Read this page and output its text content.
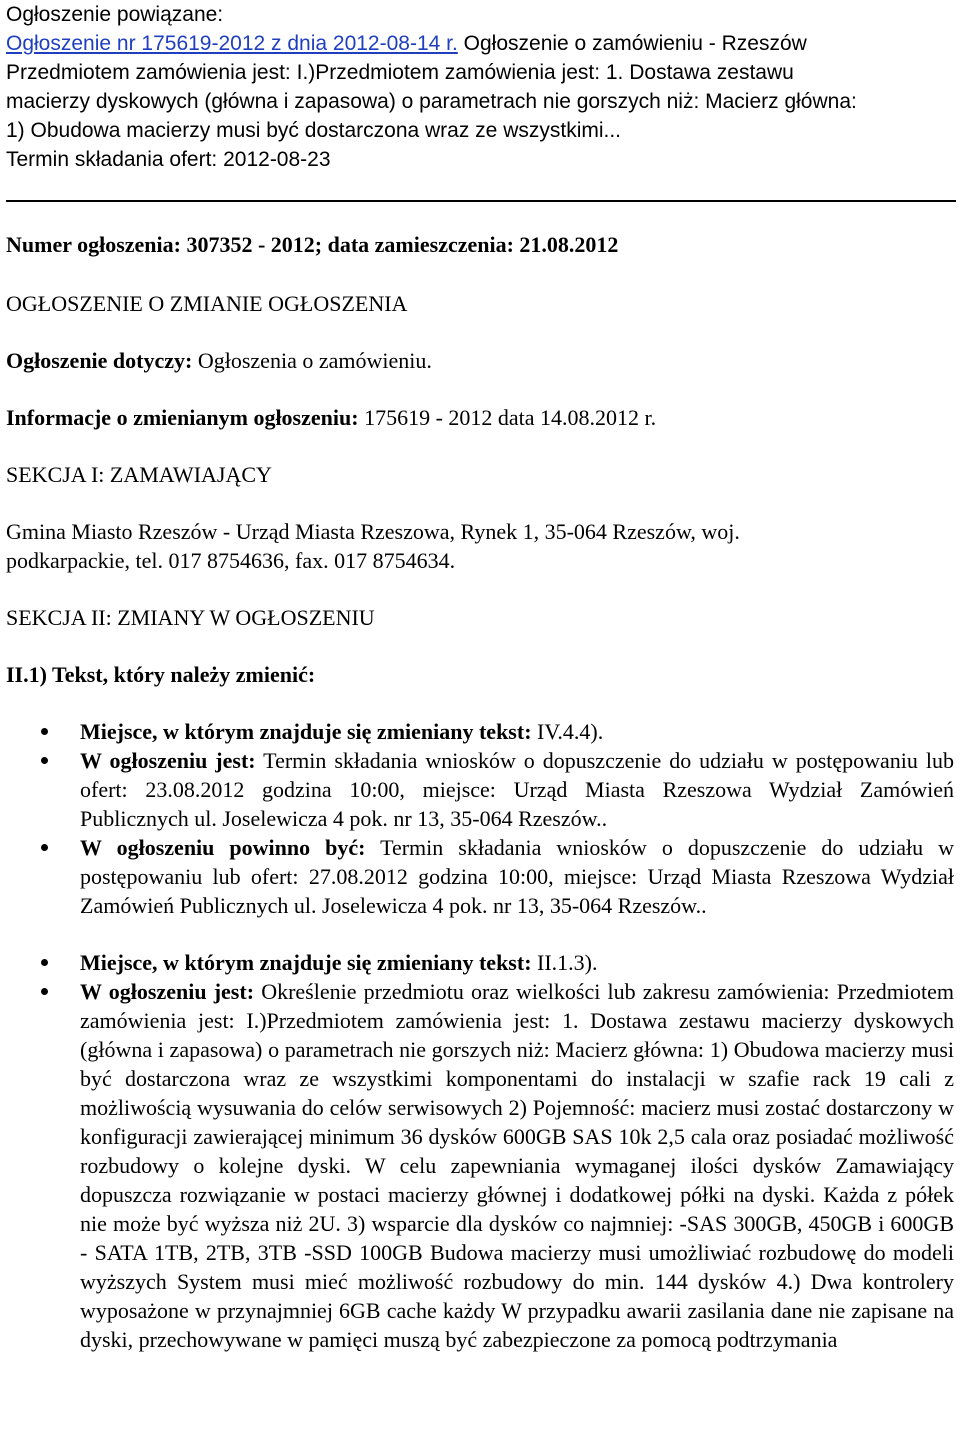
Ogłoszenie powiązane:
Ogłoszenie nr 175619-2012 z dnia 2012-08-14 r. Ogłoszenie o zamówieniu - Rzeszów
Przedmiotem zamówienia jest: I.)Przedmiotem zamówienia jest: 1. Dostawa zestawu
macierzy dyskowych (główna i zapasowa) o parametrach nie gorszych niż: Macierz główna:
1) Obudowa macierzy musi być dostarczona wraz ze wszystkimi...
Termin składania ofert: 2012-08-23

Numer ogłoszenia: 307352 - 2012; data zamieszczenia: 21.08.2012

OGŁOSZENIE O ZMIANIE OGŁOSZENIA

Ogłoszenie dotyczy: Ogłoszenia o zamówieniu.

Informacje o zmienianym ogłoszeniu: 175619 - 2012 data 14.08.2012 r.

SEKCJA I: ZAMAWIAJĄCY

Gmina Miasto Rzeszów - Urząd Miasta Rzeszowa, Rynek 1, 35-064 Rzeszów, woj.

podkarpackie, tel. 017 8754636, fax. 017 8754634.

SEKCJA II: ZMIANY W OGŁOSZENIU

II.1) Tekst, który należy zmienić:

Miejsce, w którym znajduje się zmieniany tekst: IV.4.4).
W ogłoszeniu jest: Termin składania wniosków o dopuszczenie do udziału w postępowaniu lub ofert: 23.08.2012 godzina 10:00, miejsce: Urząd Miasta Rzeszowa Wydział Zamówień Publicznych ul. Joselewicza 4 pok. nr 13, 35-064 Rzeszów..
W ogłoszeniu powinno być: Termin składania wniosków o dopuszczenie do udziału w postępowaniu lub ofert: 27.08.2012 godzina 10:00, miejsce: Urząd Miasta Rzeszowa Wydział Zamówień Publicznych ul. Joselewicza 4 pok. nr 13, 35-064 Rzeszów..
Miejsce, w którym znajduje się zmieniany tekst: II.1.3).
W ogłoszeniu jest: Określenie przedmiotu oraz wielkości lub zakresu zamówienia: Przedmiotem zamówienia jest: I.)Przedmiotem zamówienia jest: 1. Dostawa zestawu macierzy dyskowych (główna i zapasowa) o parametrach nie gorszych niż: Macierz główna: 1) Obudowa macierzy musi być dostarczona wraz ze wszystkimi komponentami do instalacji w szafie rack 19 cali z możliwością wysuwania do celów serwisowych 2) Pojemność: macierz musi zostać dostarczony w konfiguracji zawierającej minimum 36 dysków 600GB SAS 10k 2,5 cala oraz posiadać możliwość rozbudowy o kolejne dyski. W celu zapewniania wymaganej ilości dysków Zamawiający dopuszcza rozwiązanie w postaci macierzy głównej i dodatkowej półki na dyski. Każda z półek nie może być wyższa niż 2U. 3) wsparcie dla dysków co najmniej: -SAS 300GB, 450GB i 600GB - SATA 1TB, 2TB, 3TB -SSD 100GB Budowa macierzy musi umożliwiać rozbudowę do modeli wyższych System musi mieć możliwość rozbudowy do min. 144 dysków 4.) Dwa kontrolery wyposażone w przynajmniej 6GB cache każdy W przypadku awarii zasilania dane nie zapisane na dyski, przechowywane w pamięci muszą być zabezpieczone za pomocą podtrzymania
